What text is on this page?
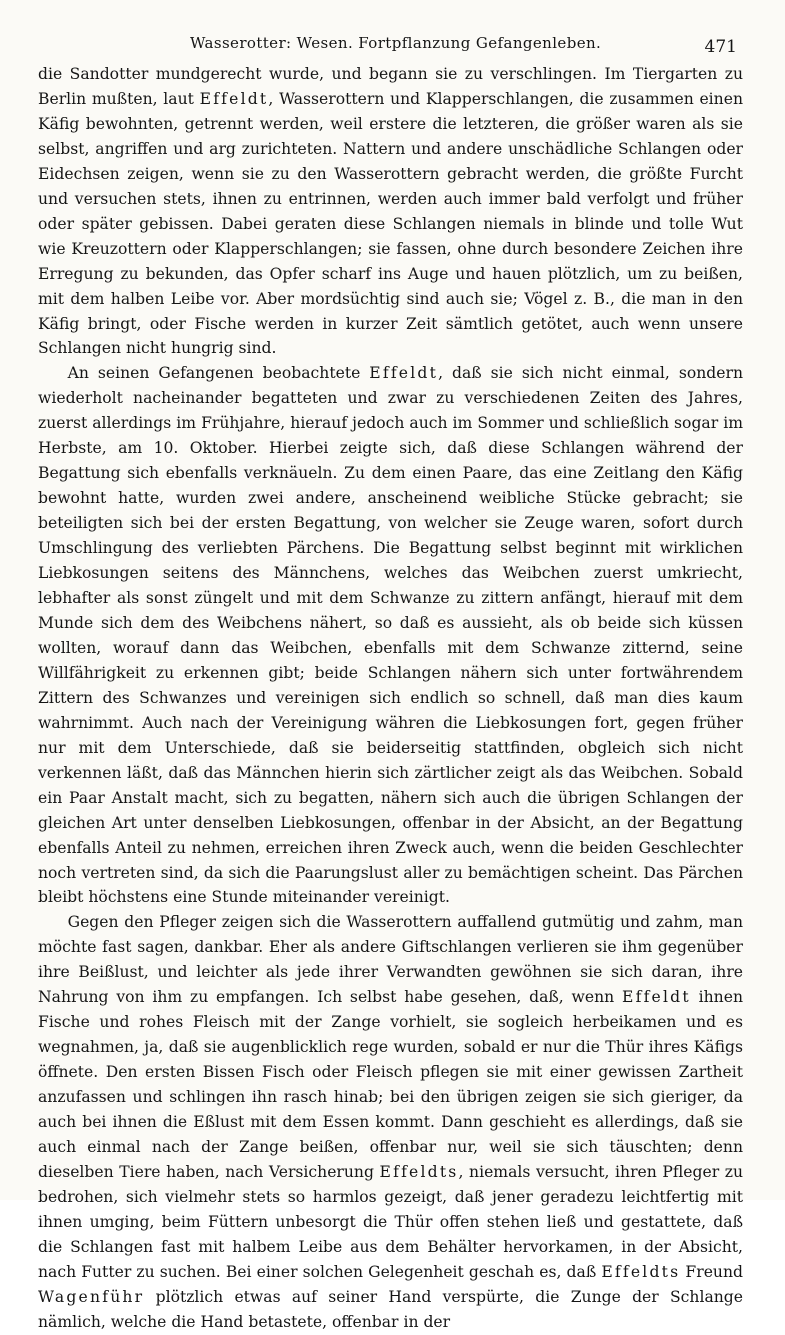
Wasserotter: Wesen. Fortpflanzung Gefangenleben.	471

die Sandotter mundgerecht wurde, und begann sie zu verschlingen. Im Tiergarten zu Berlin mußten, laut Effeldt, Wasserottern und Klapperschlangen, die zusammen einen Käfig bewohnten, getrennt werden, weil erstere die letzteren, die größer waren als sie selbst, angriffen und arg zurichteten. Nattern und andere unschädliche Schlangen oder Eidechsen zeigen, wenn sie zu den Wasserottern gebracht werden, die größte Furcht und versuchen stets, ihnen zu entrinnen, werden auch immer bald verfolgt und früher oder später gebissen. Dabei geraten diese Schlangen niemals in blinde und tolle Wut wie Kreuzottern oder Klapperschlangen; sie fassen, ohne durch besondere Zeichen ihre Erregung zu bekunden, das Opfer scharf ins Auge und hauen plötzlich, um zu beißen, mit dem halben Leibe vor. Aber mordsüchtig sind auch sie; Vögel z. B., die man in den Käfig bringt, oder Fische werden in kurzer Zeit sämtlich getötet, auch wenn unsere Schlangen nicht hungrig sind.

An seinen Gefangenen beobachtete Effeldt, daß sie sich nicht einmal, sondern wiederholt nacheinander begatteten und zwar zu verschiedenen Zeiten des Jahres, zuerst allerdings im Frühjahre, hierauf jedoch auch im Sommer und schließlich sogar im Herbste, am 10. Oktober. Hierbei zeigte sich, daß diese Schlangen während der Begattung sich ebenfalls verknäueln. Zu dem einen Paare, das eine Zeitlang den Käfig bewohnt hatte, wurden zwei andere, anscheinend weibliche Stücke gebracht; sie beteiligten sich bei der ersten Begattung, von welcher sie Zeuge waren, sofort durch Umschlingung des verliebten Pärchens. Die Begattung selbst beginnt mit wirklichen Liebkosungen seitens des Männchens, welches das Weibchen zuerst umkriecht, lebhafter als sonst züngelt und mit dem Schwanze zu zittern anfängt, hierauf mit dem Munde sich dem des Weibchens nähert, so daß es aussieht, als ob beide sich küssen wollten, worauf dann das Weibchen, ebenfalls mit dem Schwanze zitternd, seine Willfährigkeit zu erkennen gibt; beide Schlangen nähern sich unter fortwährendem Zittern des Schwanzes und vereinigen sich endlich so schnell, daß man dies kaum wahrnimmt. Auch nach der Vereinigung währen die Liebkosungen fort, gegen früher nur mit dem Unterschiede, daß sie beiderseitig stattfinden, obgleich sich nicht verkennen läßt, daß das Männchen hierin sich zärtlicher zeigt als das Weibchen. Sobald ein Paar Anstalt macht, sich zu begatten, nähern sich auch die übrigen Schlangen der gleichen Art unter denselben Liebkosungen, offenbar in der Absicht, an der Begattung ebenfalls Anteil zu nehmen, erreichen ihren Zweck auch, wenn die beiden Geschlechter noch vertreten sind, da sich die Paarungslust aller zu bemächtigen scheint. Das Pärchen bleibt höchstens eine Stunde miteinander vereinigt.

Gegen den Pfleger zeigen sich die Wasserottern auffallend gutmütig und zahm, man möchte fast sagen, dankbar. Eher als andere Giftschlangen verlieren sie ihm gegenüber ihre Beißlust, und leichter als jede ihrer Verwandten gewöhnen sie sich daran, ihre Nahrung von ihm zu empfangen. Ich selbst habe gesehen, daß, wenn Effeldt ihnen Fische und rohes Fleisch mit der Zange vorhielt, sie sogleich herbeikamen und es wegnahmen, ja, daß sie augenblicklich rege wurden, sobald er nur die Thür ihres Käfigs öffnete. Den ersten Bissen Fisch oder Fleisch pflegen sie mit einer gewissen Zartheit anzufassen und schlingen ihn rasch hinab; bei den übrigen zeigen sie sich gieriger, da auch bei ihnen die Eßlust mit dem Essen kommt. Dann geschieht es allerdings, daß sie auch einmal nach der Zange beißen, offenbar nur, weil sie sich täuschten; denn dieselben Tiere haben, nach Versicherung Effeldts, niemals versucht, ihren Pfleger zu bedrohen, sich vielmehr stets so harmlos gezeigt, daß jener geradezu leichtfertig mit ihnen umging, beim Füttern unbesorgt die Thür offen stehen ließ und gestattete, daß die Schlangen fast mit halbem Leibe aus dem Behälter hervorkamen, in der Absicht, nach Futter zu suchen. Bei einer solchen Gelegenheit geschah es, daß Effeldts Freund Wagenführ plötzlich etwas auf seiner Hand verspürte, die Zunge der Schlange nämlich, welche die Hand betastete, offenbar in der
